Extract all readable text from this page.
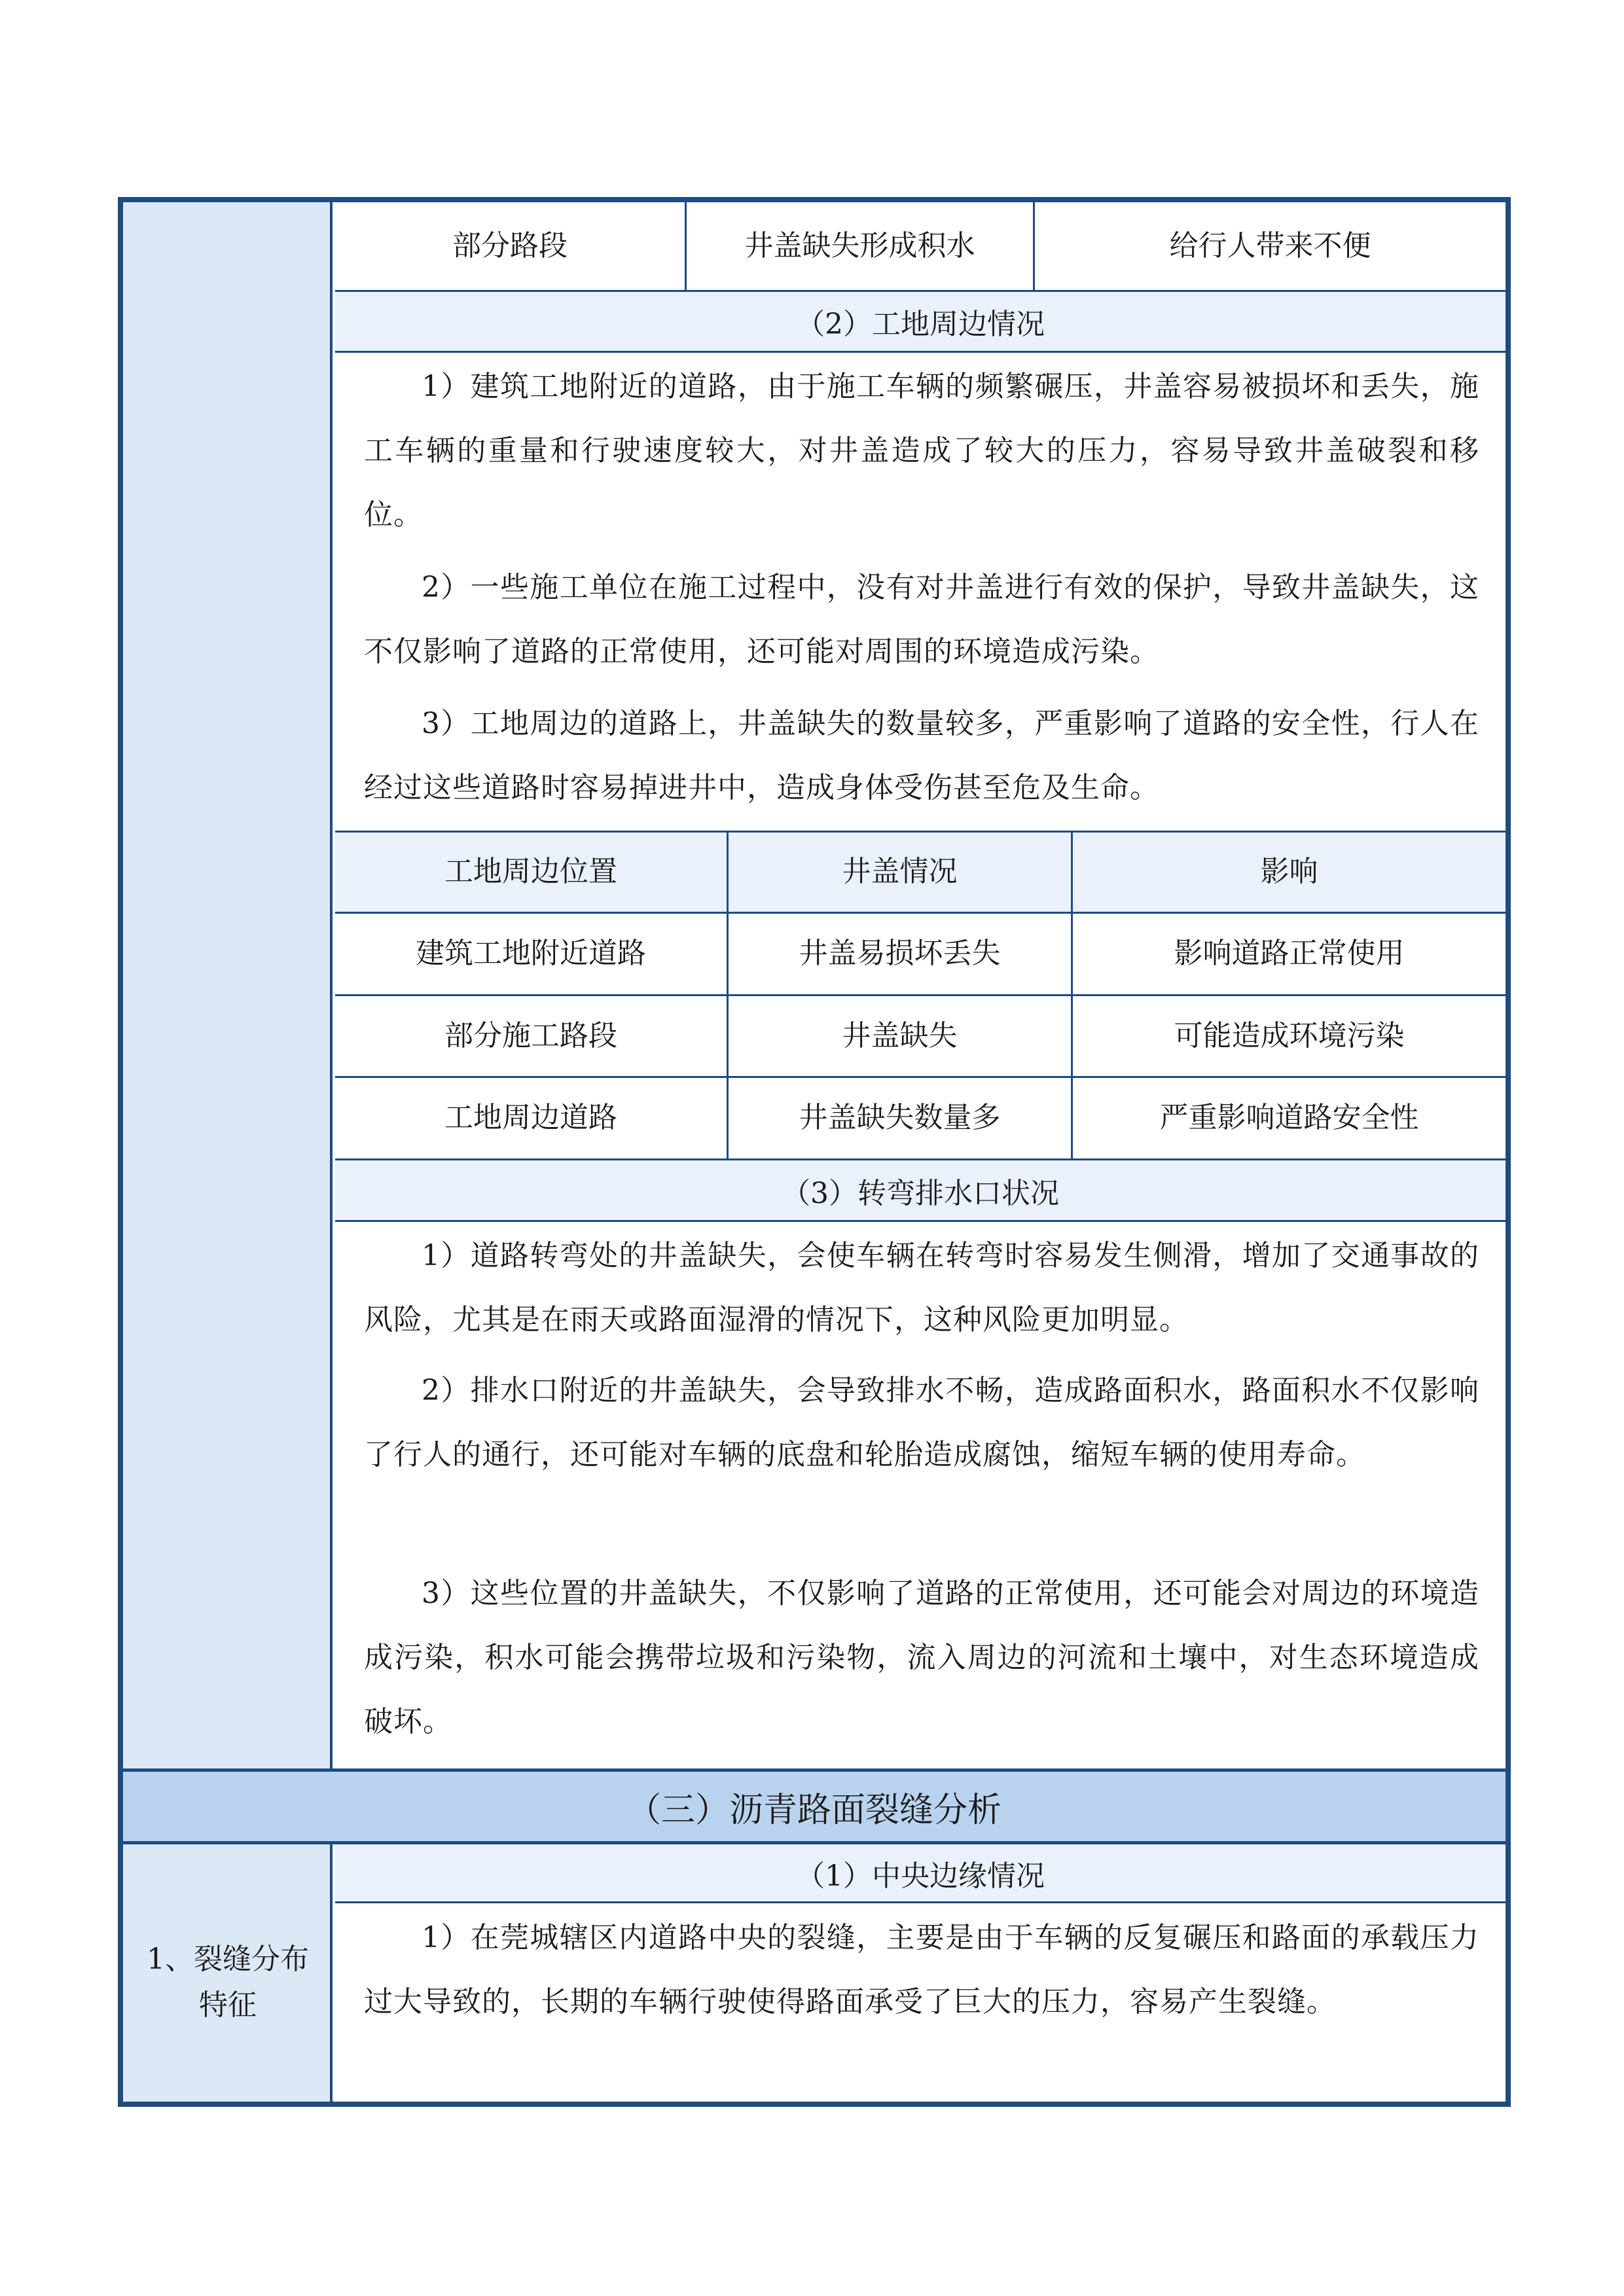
部分路段	井盖缺失形成积水	给行人带来不便
（2）工地周边情况

1）建筑工地附近的道路，由于施工车辆的频繁碾压，井盖容易被损坏和丢失，施工车辆的重量和行驶速度较大，对井盖造成了较大的压力，容易导致井盖破裂和移位。

2）一些施工单位在施工过程中，没有对井盖进行有效的保护，导致井盖缺失，这不仅影响了道路的正常使用，还可能对周围的环境造成污染。

3）工地周边的道路上，井盖缺失的数量较多，严重影响了道路的安全性，行人在经过这些道路时容易掉进井中，造成身体受伤甚至危及生命。

工地周边位置	井盖情况	影响
建筑工地附近道路	井盖易损坏丢失	影响道路正常使用
部分施工路段	井盖缺失	可能造成环境污染
工地周边道路	井盖缺失数量多	严重影响道路安全性
（3）转弯排水口状况

1）道路转弯处的井盖缺失，会使车辆在转弯时容易发生侧滑，增加了交通事故的风险，尤其是在雨天或路面湿滑的情况下，这种风险更加明显。

2）排水口附近的井盖缺失，会导致排水不畅，造成路面积水，路面积水不仅影响了行人的通行，还可能对车辆的底盘和轮胎造成腐蚀，缩短车辆的使用寿命。

3）这些位置的井盖缺失，不仅影响了道路的正常使用，还可能会对周边的环境造成污染，积水可能会携带垃圾和污染物，流入周边的河流和土壤中，对生态环境造成破坏。

（三）沥青路面裂缝分析
1、裂缝分布特征
（1）中央边缘情况

1）在莞城辖区内道路中央的裂缝，主要是由于车辆的反复碾压和路面的承载压力过大导致的，长期的车辆行驶使得路面承受了巨大的压力，容易产生裂缝。
